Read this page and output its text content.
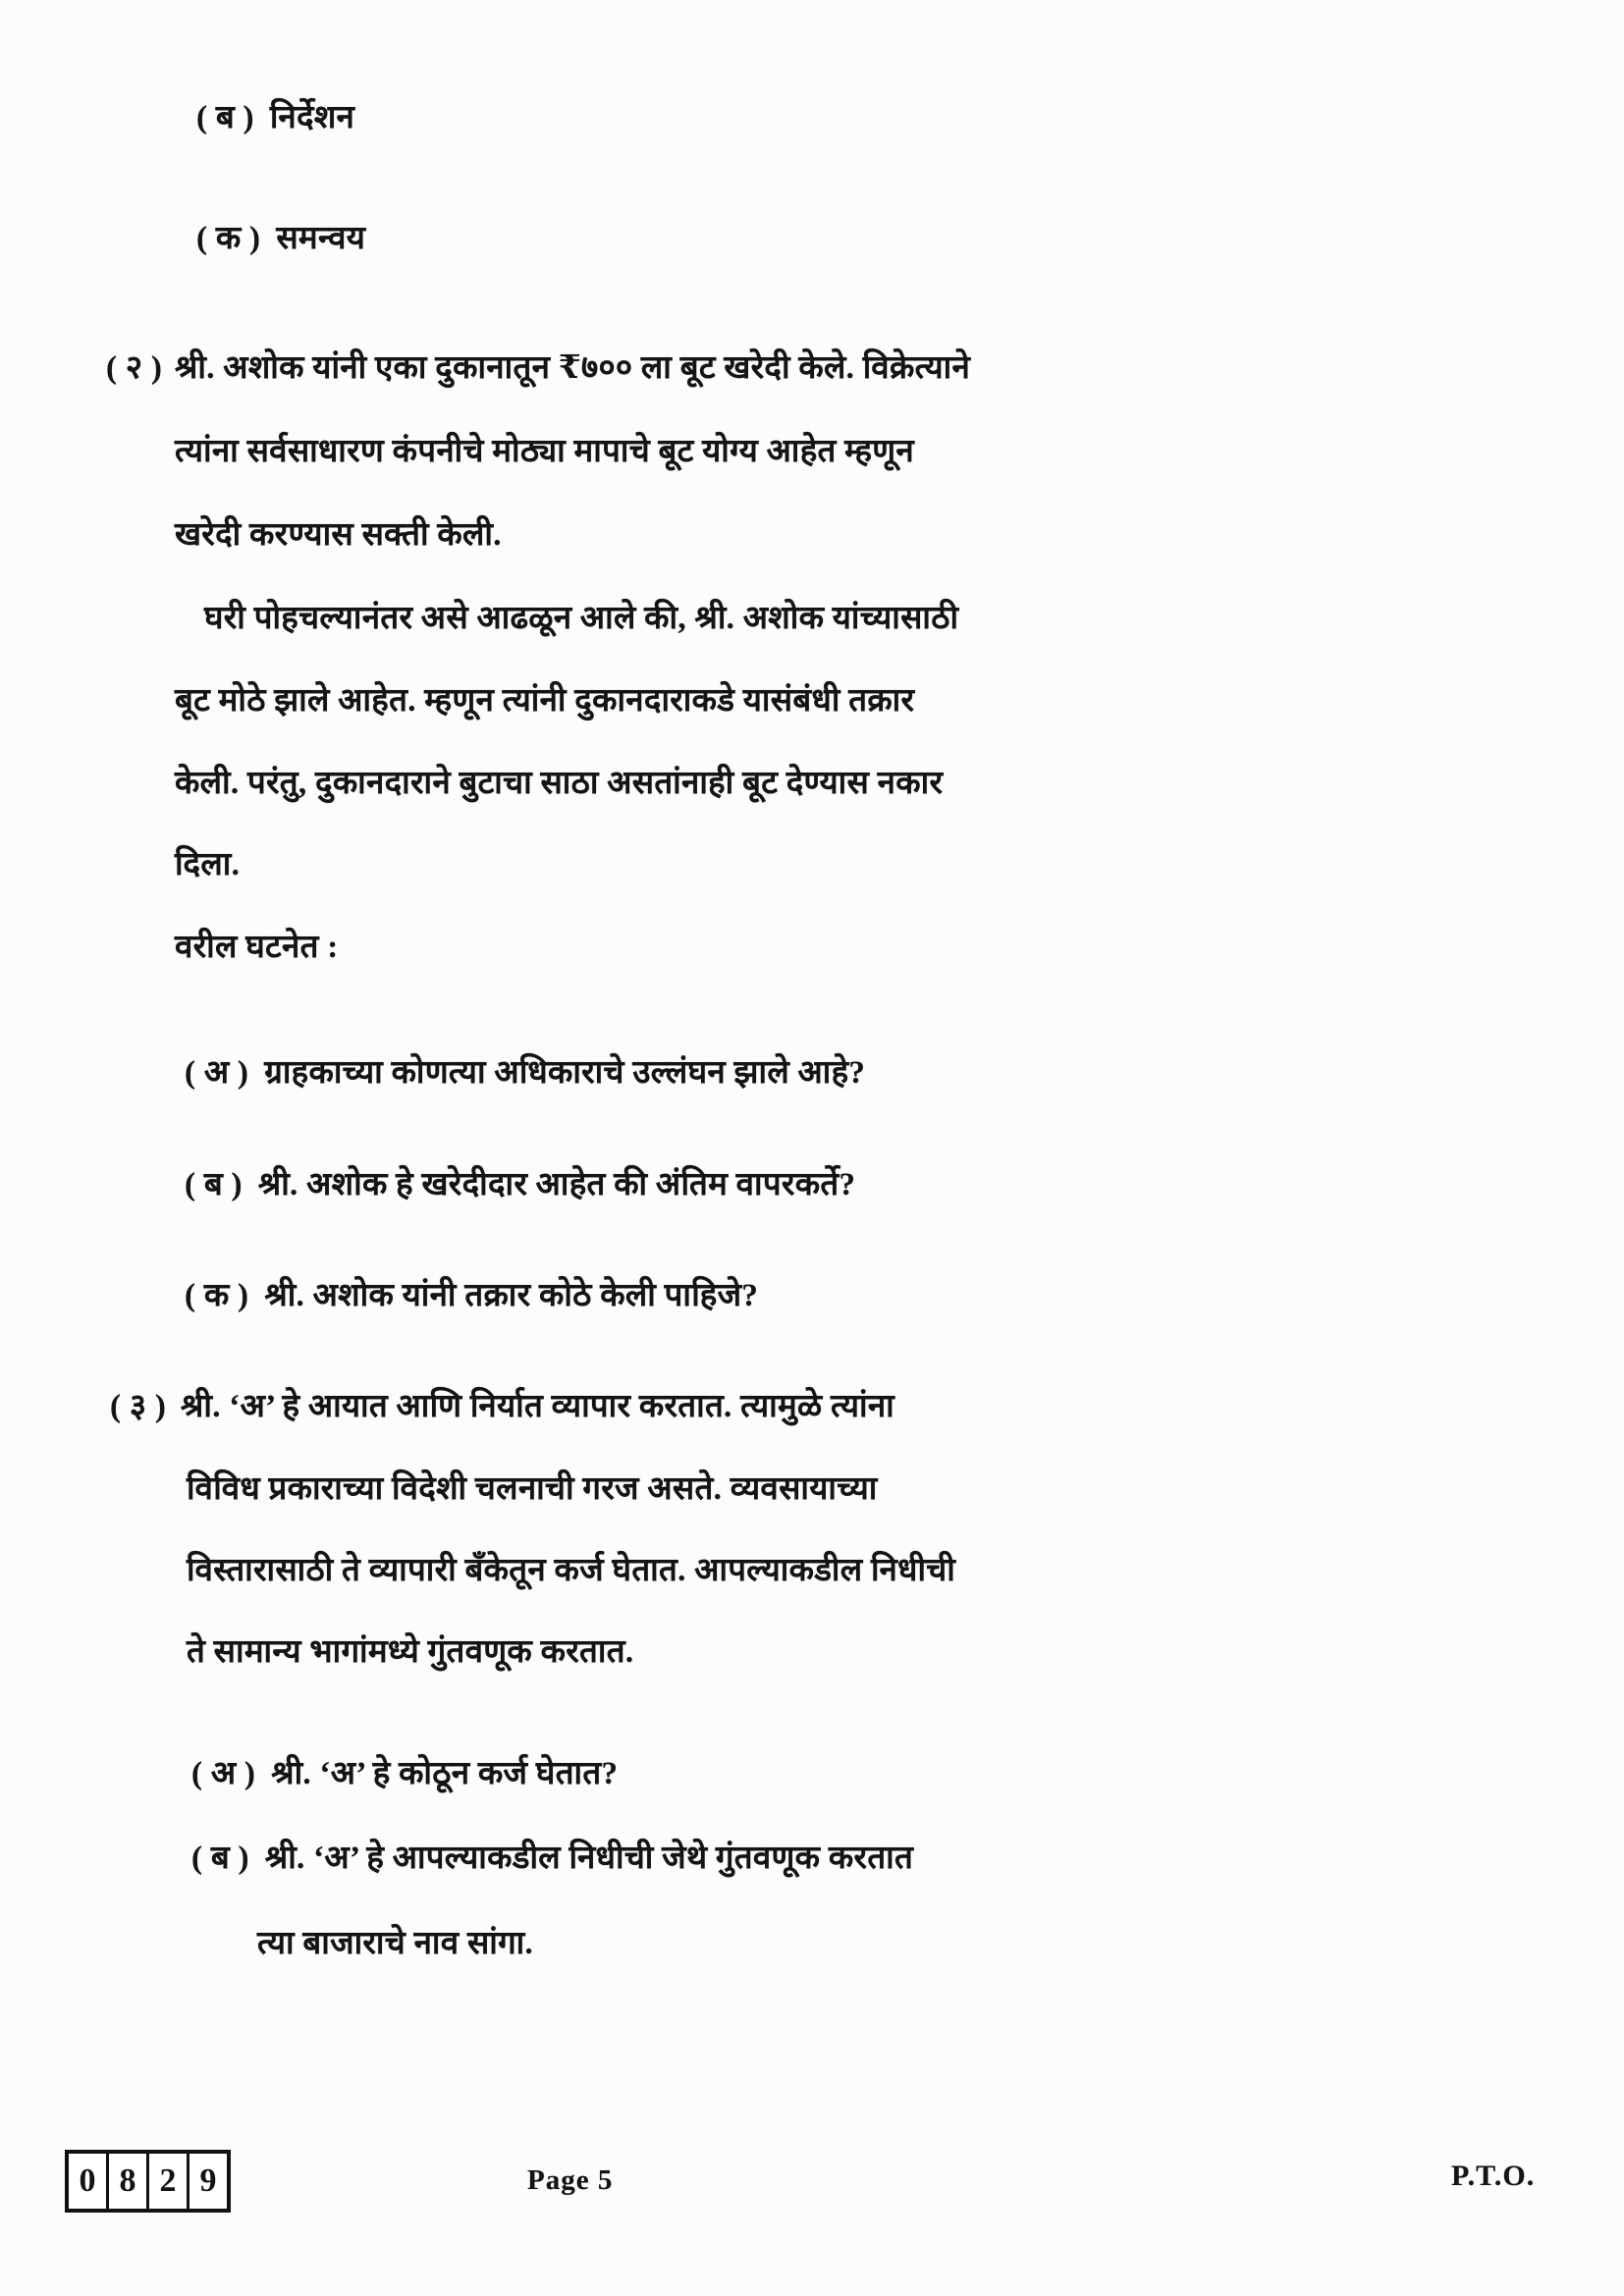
( ब ) निर्देशन
( क ) समन्वय
( २ ) श्री. अशोक यांनी एका दुकानातून ₹७०० ला बूट खरेदी केले. विक्रेत्याने
त्यांना सर्वसाधारण कंपनीचे मोठ्या मापाचे बूट योग्य आहेत म्हणून
खरेदी करण्यास सक्ती केली.
घरी पोहचल्यानंतर असे आढळून आले की, श्री. अशोक यांच्यासाठी
बूट मोठे झाले आहेत. म्हणून त्यांनी दुकानदाराकडे यासंबंधी तक्रार
केली. परंतु, दुकानदाराने बुटाचा साठा असतांनाही बूट देण्यास नकार
दिला.
वरील घटनेत :
( अ ) ग्राहकाच्या कोणत्या अधिकाराचे उल्लंघन झाले आहे?
( ब ) श्री. अशोक हे खरेदीदार आहेत की अंतिम वापरकर्ते?
( क ) श्री. अशोक यांनी तक्रार कोठे केली पाहिजे?
( ३ ) श्री. ‘अ’ हे आयात आणि निर्यात व्यापार करतात. त्यामुळे त्यांना
विविध प्रकाराच्या विदेशी चलनाची गरज असते. व्यवसायाच्या
विस्तारासाठी ते व्यापारी बँकेतून कर्ज घेतात. आपल्याकडील निधीची
ते सामान्य भागांमध्ये गुंतवणूक करतात.
( अ ) श्री. ‘अ’ हे कोठून कर्ज घेतात?
( ब ) श्री. ‘अ’ हे आपल्याकडील निधीची जेथे गुंतवणूक करतात
त्या बाजाराचे नाव सांगा.
0 8 2 9	Page 5	P.T.O.
